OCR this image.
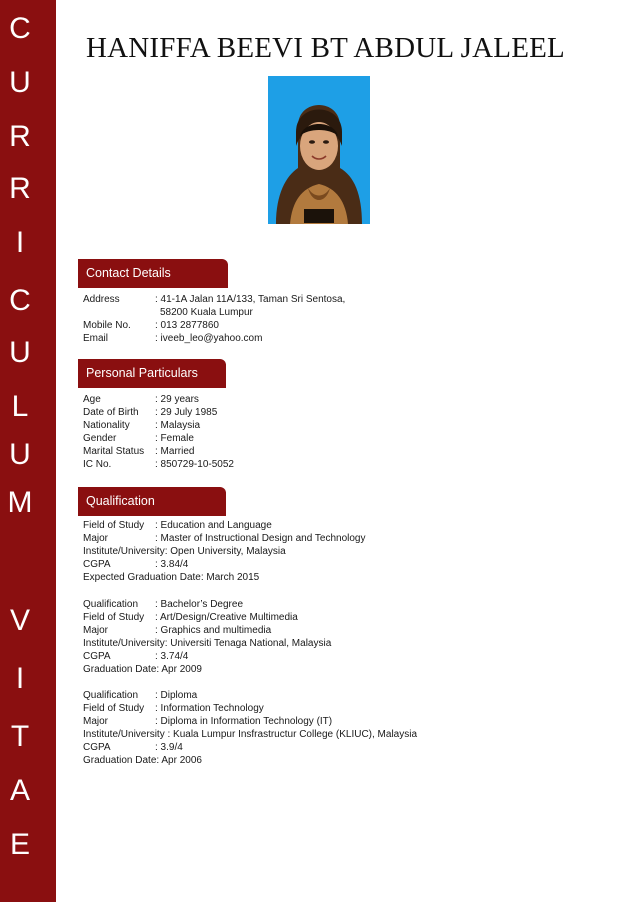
C
U
R
R
I
C
U
L
U
M
V
I
T
A
E
HANIFFA BEEVI BT ABDUL JALEEL
Contact Details
Address	: 41-1A Jalan 11A/133, Taman Sri Sentosa,
58200 Kuala Lumpur
Mobile No. : 013 2877860
Email	: iveeb_leo@yahoo.com
Personal Particulars
Age	: 29 years
Date of Birth : 29 July 1985
Nationality	: Malaysia
Gender	: Female
Marital Status : Married
IC No.	: 850729-10-5052
Qualification
Field of Study : Education and Language
Major	: Master of Instructional Design and Technology
Institute/University: Open University, Malaysia
CGPA	: 3.84/4
Expected Graduation Date: March 2015
Qualification : Bachelor’s Degree
Field of Study : Art/Design/Creative Multimedia
Major	: Graphics and multimedia
Institute/University: Universiti Tenaga National, Malaysia
CGPA	: 3.74/4
Graduation Date: Apr 2009
Qualification : Diploma
Field of Study : Information Technology
Major	: Diploma in Information Technology (IT)
Institute/University : Kuala Lumpur Insfrastructur College (KLIUC), Malaysia
CGPA	: 3.9/4
Graduation Date: Apr 2006
